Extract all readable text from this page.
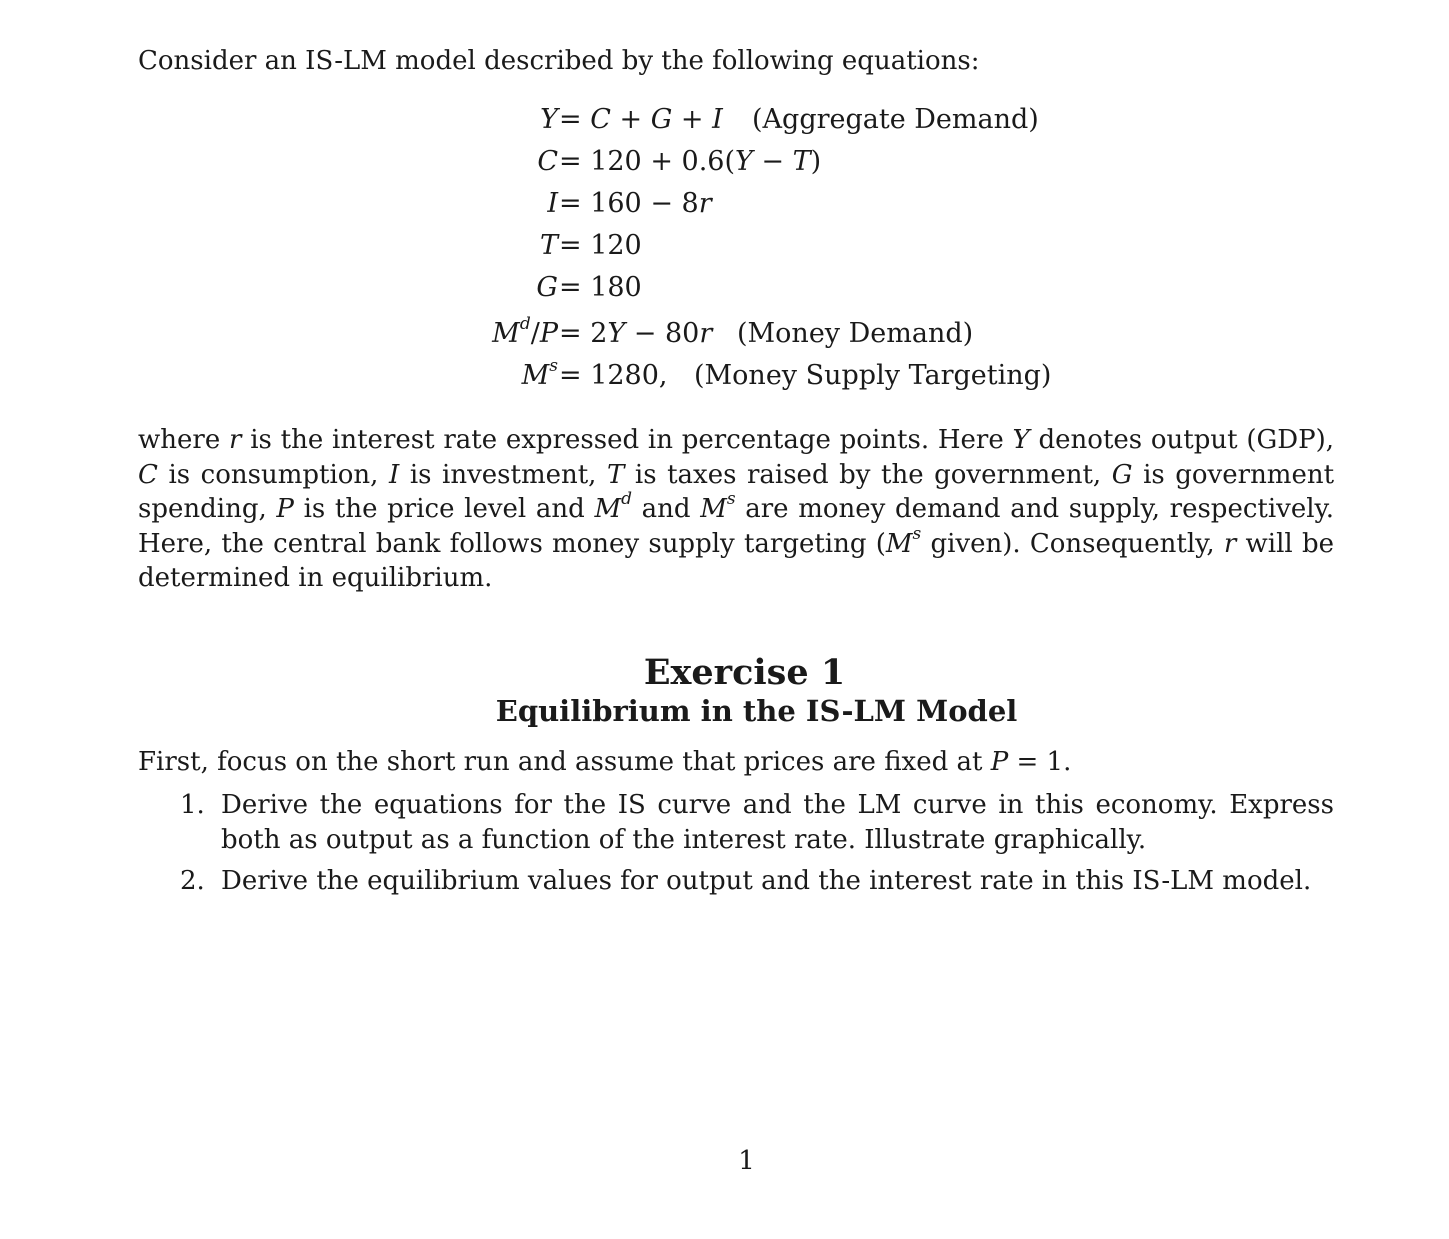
Consider an IS-LM model described by the following equations:
Y = C + G + I (Aggregate Demand)
C = 120 + 0.6(Y − T)
I = 160 − 8r
T = 120
G = 180
$M^d/P = 2Y - 80r$ (Money Demand)
$M^s = 1280$, (Money Supply Targeting)
where r is the interest rate expressed in percentage points. Here Y denotes output (GDP), C is consumption, I is investment, T is taxes raised by the government, G is government spending, P is the price level and $M^d$ and $M^s$ are money demand and supply, respectively. Here, the central bank follows money supply targeting ($M^s$ given). Consequently, r will be determined in equilibrium.
Exercise 1
Equilibrium in the IS-LM Model
First, focus on the short run and assume that prices are fixed at P = 1.
1. Derive the equations for the IS curve and the LM curve in this economy. Express both as output as a function of the interest rate. Illustrate graphically.
2. Derive the equilibrium values for output and the interest rate in this IS-LM model.
1
